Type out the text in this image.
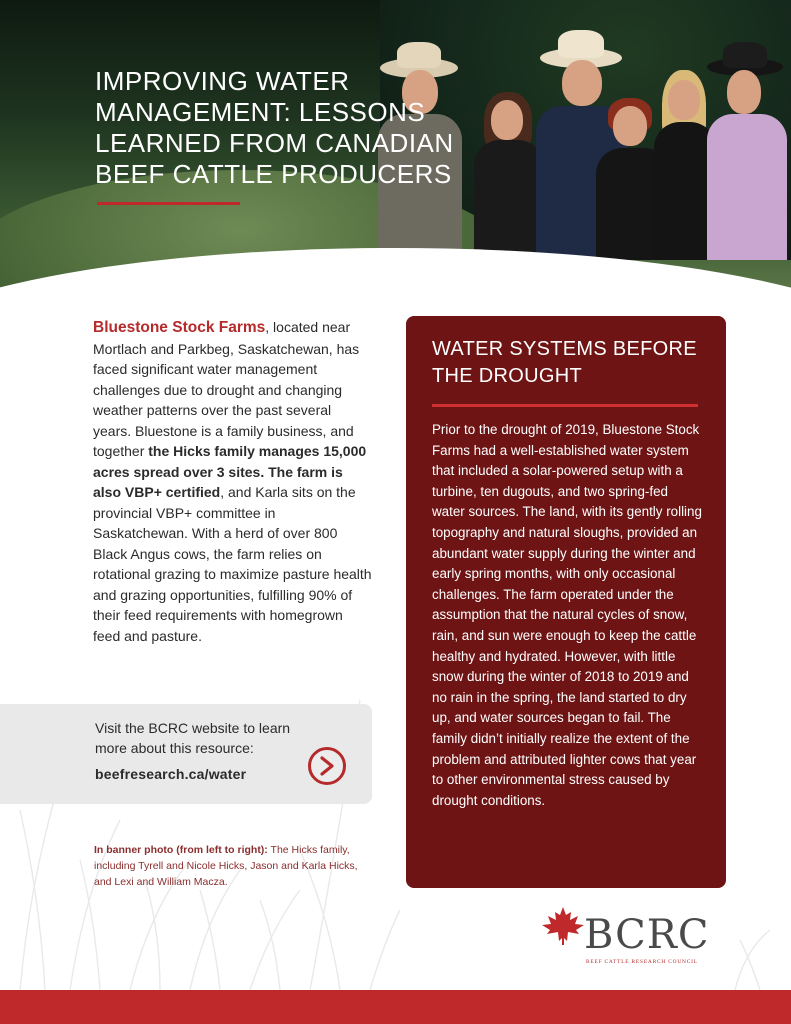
IMPROVING WATER MANAGEMENT: LESSONS LEARNED FROM CANADIAN BEEF CATTLE PRODUCERS

Bluestone Stock Farms, located near Mortlach and Parkbeg, Saskatchewan, has faced significant water management challenges due to drought and changing weather patterns over the past several years. Bluestone is a family business, and together the Hicks family manages 15,000 acres spread over 3 sites. The farm is also VBP+ certified, and Karla sits on the provincial VBP+ committee in Saskatchewan. With a herd of over 800 Black Angus cows, the farm relies on rotational grazing to maximize pasture health and grazing opportunities, fulfilling 90% of their feed requirements with homegrown feed and pasture.

Visit the BCRC website to learn more about this resource:

beefresearch.ca/water

In banner photo (from left to right): The Hicks family, including Tyrell and Nicole Hicks, Jason and Karla Hicks, and Lexi and William Macza.

WATER SYSTEMS BEFORE THE DROUGHT

Prior to the drought of 2019, Bluestone Stock Farms had a well-established water system that included a solar-powered setup with a turbine, ten dugouts, and two spring-fed water sources. The land, with its gently rolling topography and natural sloughs, provided an abundant water supply during the winter and early spring months, with only occasional challenges. The farm operated under the assumption that the natural cycles of snow, rain, and sun were enough to keep the cattle healthy and hydrated. However, with little snow during the winter of 2018 to 2019 and no rain in the spring, the land started to dry up, and water sources began to fail. The family didn’t initially realize the extent of the problem and attributed lighter cows that year to other environmental stress caused by drought conditions.

BCRC

BEEF CATTLE RESEARCH COUNCIL
